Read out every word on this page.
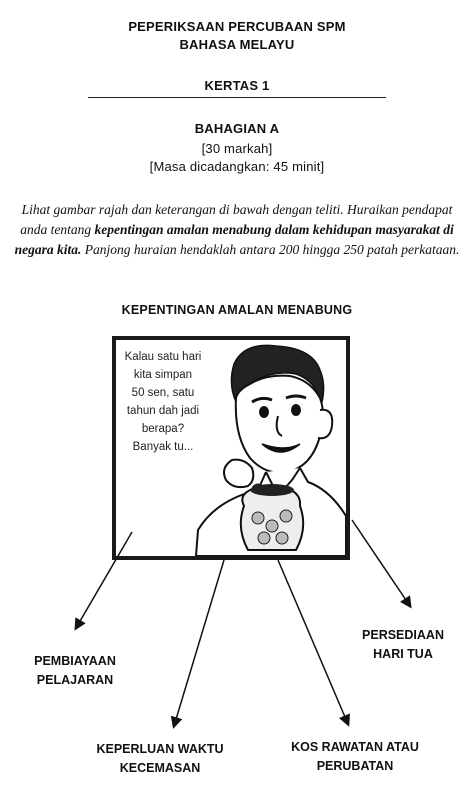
PEPERIKSAAN PERCUBAAN SPM
BAHASA MELAYU
KERTAS 1
BAHAGIAN A
[30 markah]
[Masa dicadangkan: 45 minit]
Lihat gambar rajah dan keterangan di bawah dengan teliti. Huraikan pendapat anda tentang kepentingan amalan menabung dalam kehidupan masyarakat di negara kita. Panjong huraian hendaklah antara 200 hingga 250 patah perkataan.
KEPENTINGAN AMALAN MENABUNG
Kalau satu hari
kita simpan
50 sen, satu
tahun dah jadi
berapa?
Banyak tu...
PEMBIAYAAN
PELAJARAN
PERSEDIAAN
HARI TUA
KEPERLUAN WAKTU
KECEMASAN
KOS RAWATAN ATAU
PERUBATAN
